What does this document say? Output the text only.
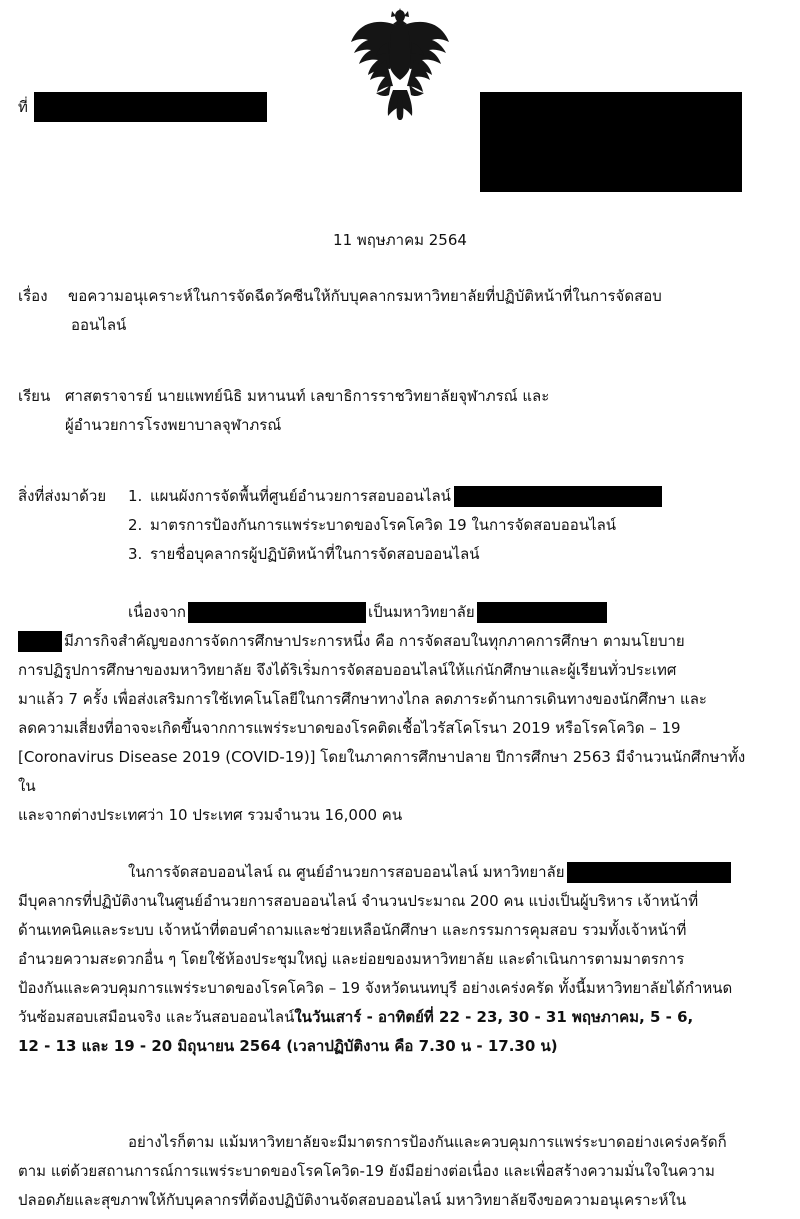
ที่
11 พฤษภาคม 2564
เรื่อง ขอความอนุเคราะห์ในการจัดฉีดวัคซีนให้กับบุคลากรมหาวิทยาลัยที่ปฏิบัติหน้าที่ในการจัดสอบ
ออนไลน์
เรียน ศาสตราจารย์ นายแพทย์นิธิ มหานนท์ เลขาธิการราชวิทยาลัยจุฬาภรณ์ และ
ผู้อำนวยการโรงพยาบาลจุฬาภรณ์
สิ่งที่ส่งมาด้วย 1. แผนผังการจัดพื้นที่ศูนย์อำนวยการสอบออนไลน์
2. มาตรการป้องกันการแพร่ระบาดของโรคโควิด 19 ในการจัดสอบออนไลน์
3. รายชื่อบุคลากรผู้ปฏิบัติหน้าที่ในการจัดสอบออนไลน์
เนื่องจาก	เป็นมหาวิทยาลัย
มีภารกิจสำคัญของการจัดการศึกษาประการหนึ่ง คือ การจัดสอบในทุกภาคการศึกษา ตามนโยบาย
การปฏิรูปการศึกษาของมหาวิทยาลัย จึงได้ริเริ่มการจัดสอบออนไลน์ให้แก่นักศึกษาและผู้เรียนทั่วประเทศ
มาแล้ว 7 ครั้ง เพื่อส่งเสริมการใช้เทคโนโลยีในการศึกษาทางไกล ลดภาระด้านการเดินทางของนักศึกษา และ
ลดความเสี่ยงที่อาจจะเกิดขึ้นจากการแพร่ระบาดของโรคติดเชื้อไวรัสโคโรนา 2019 หรือโรคโควิด – 19
[Coronavirus Disease 2019 (COVID-19)] โดยในภาคการศึกษาปลาย ปีการศึกษา 2563 มีจำนวนนักศึกษาทั้งใน
และจากต่างประเทศว่า 10 ประเทศ รวมจำนวน 16,000 คน
ในการจัดสอบออนไลน์ ณ ศูนย์อำนวยการสอบออนไลน์ มหาวิทยาลัย
มีบุคลากรที่ปฏิบัติงานในศูนย์อำนวยการสอบออนไลน์ จำนวนประมาณ 200 คน แบ่งเป็นผู้บริหาร เจ้าหน้าที่
ด้านเทคนิคและระบบ เจ้าหน้าที่ตอบคำถามและช่วยเหลือนักศึกษา และกรรมการคุมสอบ รวมทั้งเจ้าหน้าที่
อำนวยความสะดวกอื่น ๆ โดยใช้ห้องประชุมใหญ่ และย่อยของมหาวิทยาลัย และดำเนินการตามมาตรการ
ป้องกันและควบคุมการแพร่ระบาดของโรคโควิด – 19 จังหวัดนนทบุรี อย่างเคร่งครัด ทั้งนี้มหาวิทยาลัยได้กำหนด
วันซ้อมสอบเสมือนจริง และวันสอบออนไลน์ในวันเสาร์ - อาทิตย์ที่ 22 - 23, 30 - 31 พฤษภาคม, 5 - 6,
12 - 13 และ 19 - 20 มิถุนายน 2564 (เวลาปฏิบัติงาน คือ 7.30 น - 17.30 น)
อย่างไรก็ตาม แม้มหาวิทยาลัยจะมีมาตรการป้องกันและควบคุมการแพร่ระบาดอย่างเคร่งครัดก็
ตาม แต่ด้วยสถานการณ์การแพร่ระบาดของโรคโควิด-19 ยังมีอย่างต่อเนื่อง และเพื่อสร้างความมั่นใจในความ
ปลอดภัยและสุขภาพให้กับบุคลากรที่ต้องปฏิบัติงานจัดสอบออนไลน์ มหาวิทยาลัยจึงขอความอนุเคราะห์ใน
